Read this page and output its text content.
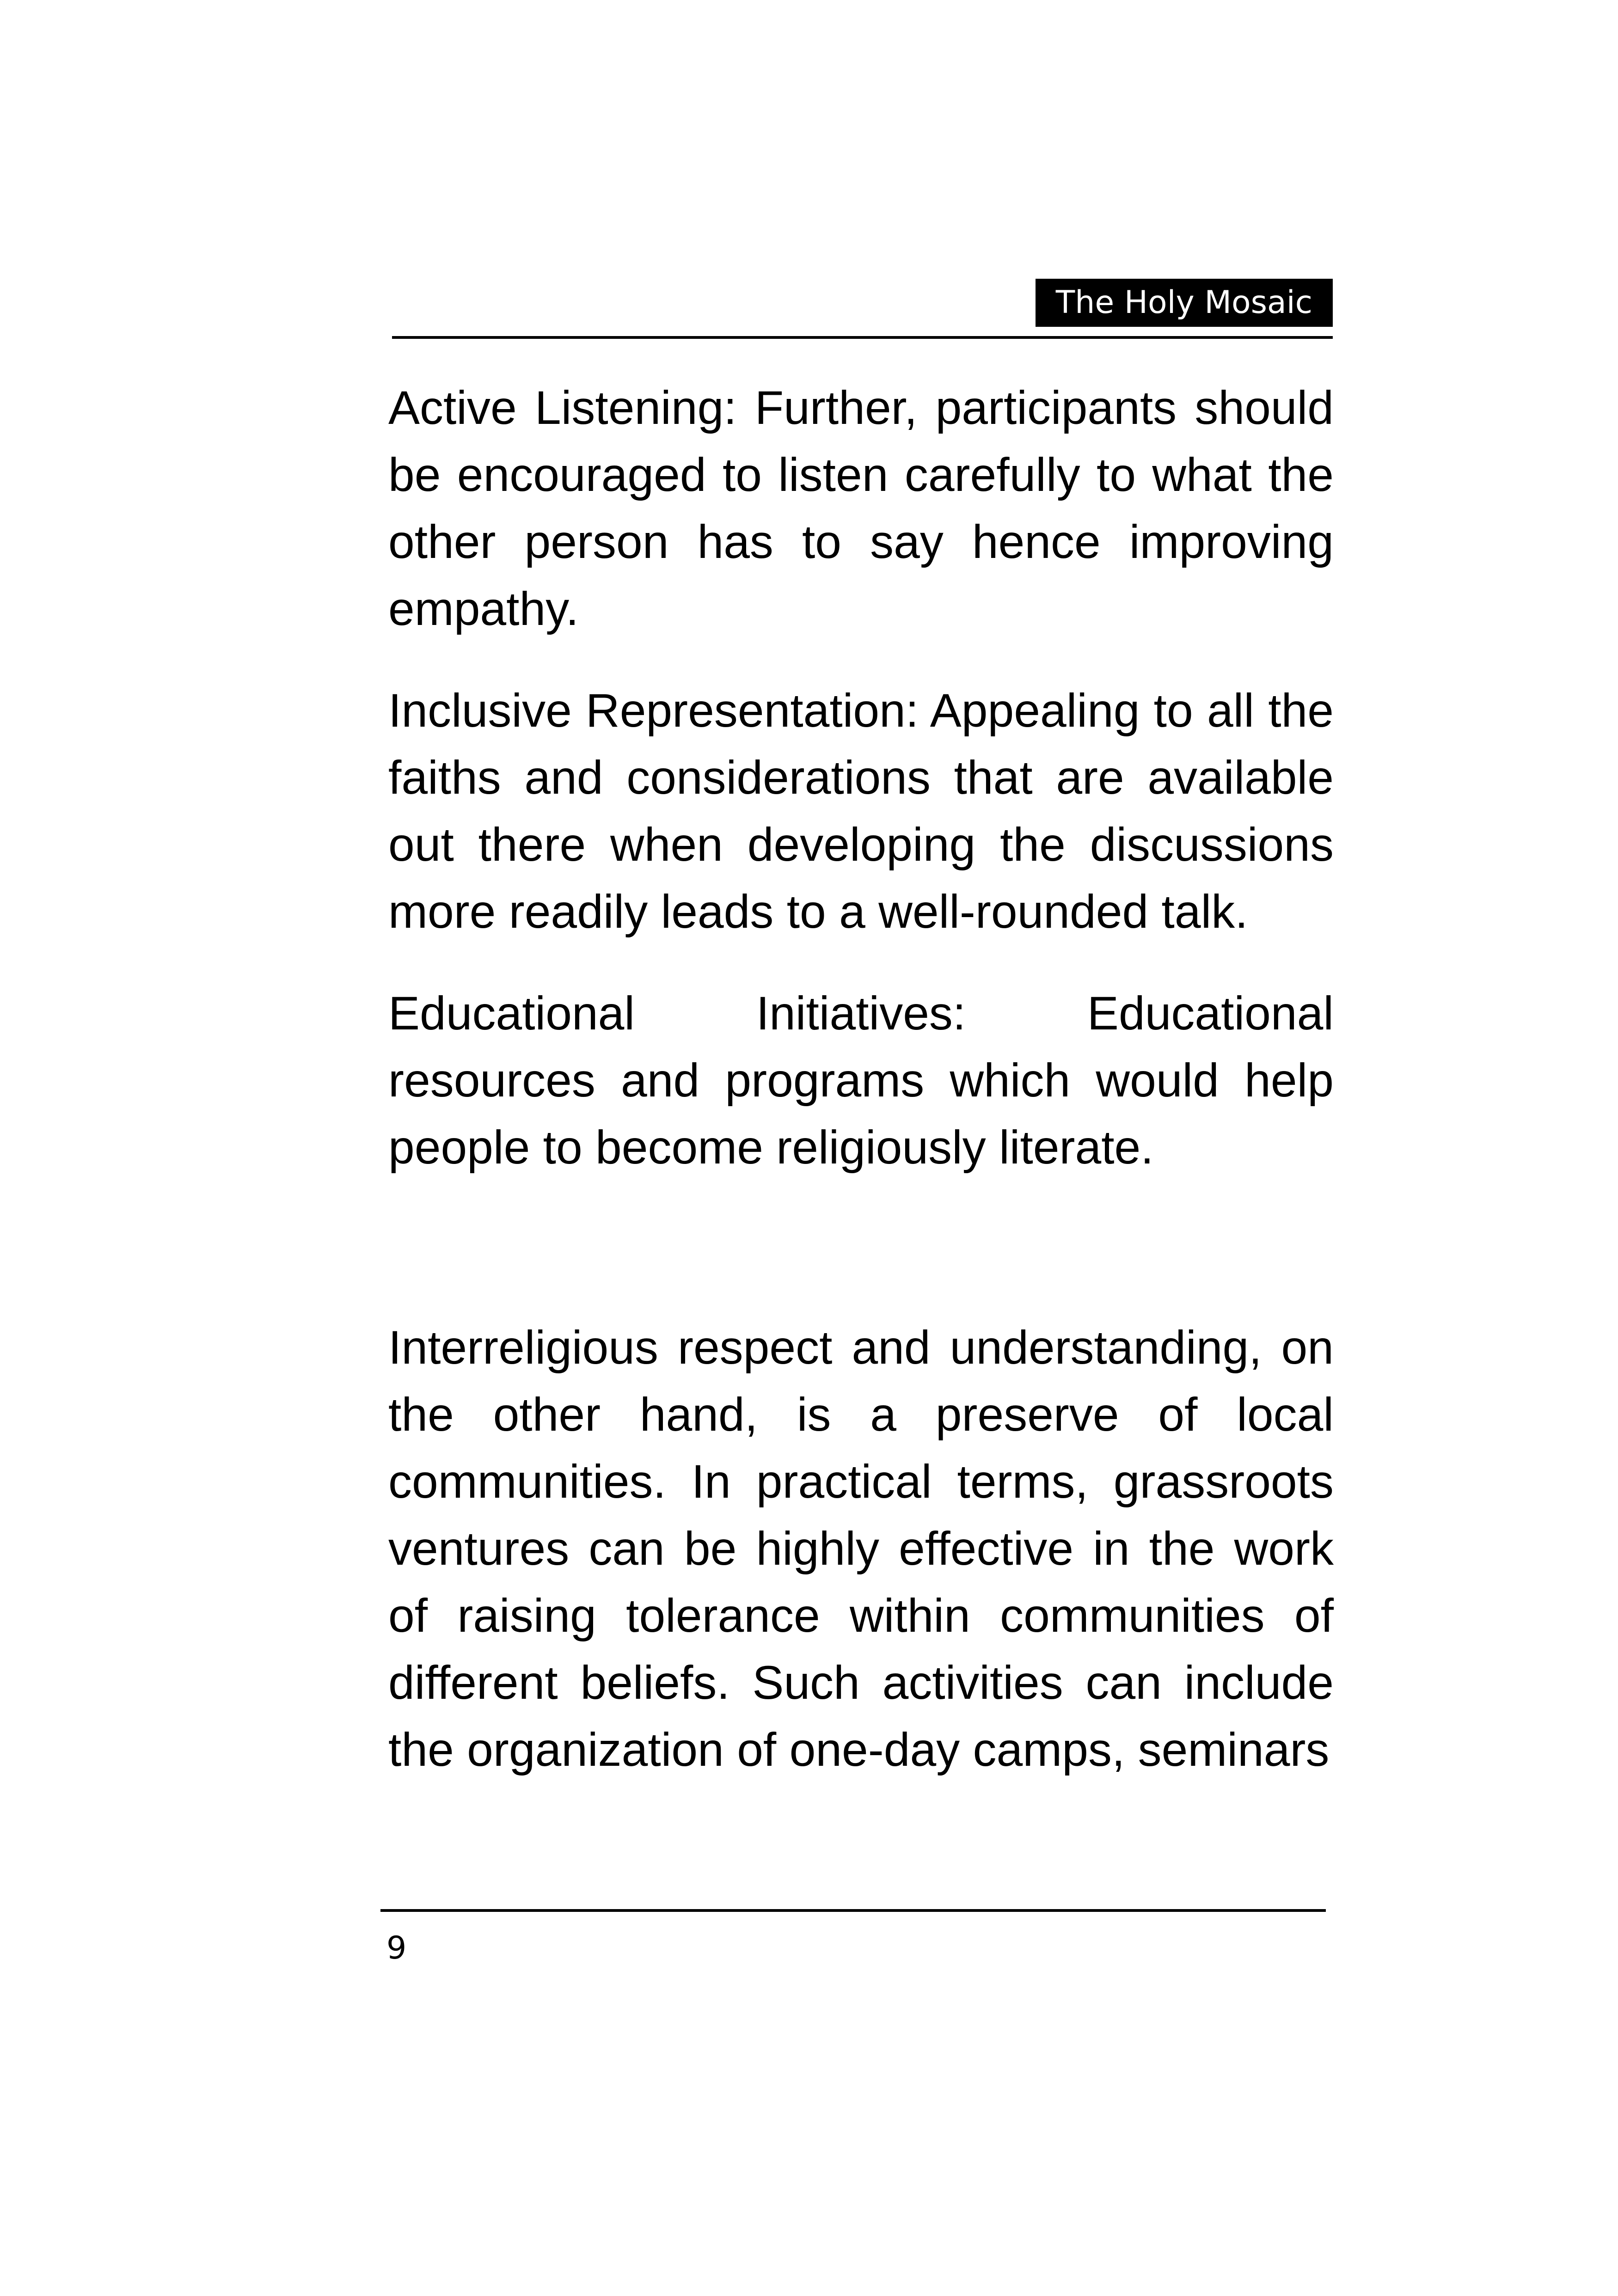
The Holy Mosaic

Active Listening: Further, participants should be encouraged to listen carefully to what the other person has to say hence improving empathy.

Inclusive Representation: Appealing to all the faiths and considerations that are available out there when developing the discussions more readily leads to a well-rounded talk.

Educational Initiatives: Educational resources and programs which would help people to become religiously literate.

Interreligious respect and understanding, on the other hand, is a preserve of local communities. In practical terms, grassroots ventures can be highly effective in the work of raising tolerance within communities of different beliefs. Such activities can include the organization of one-day camps, seminars

9
